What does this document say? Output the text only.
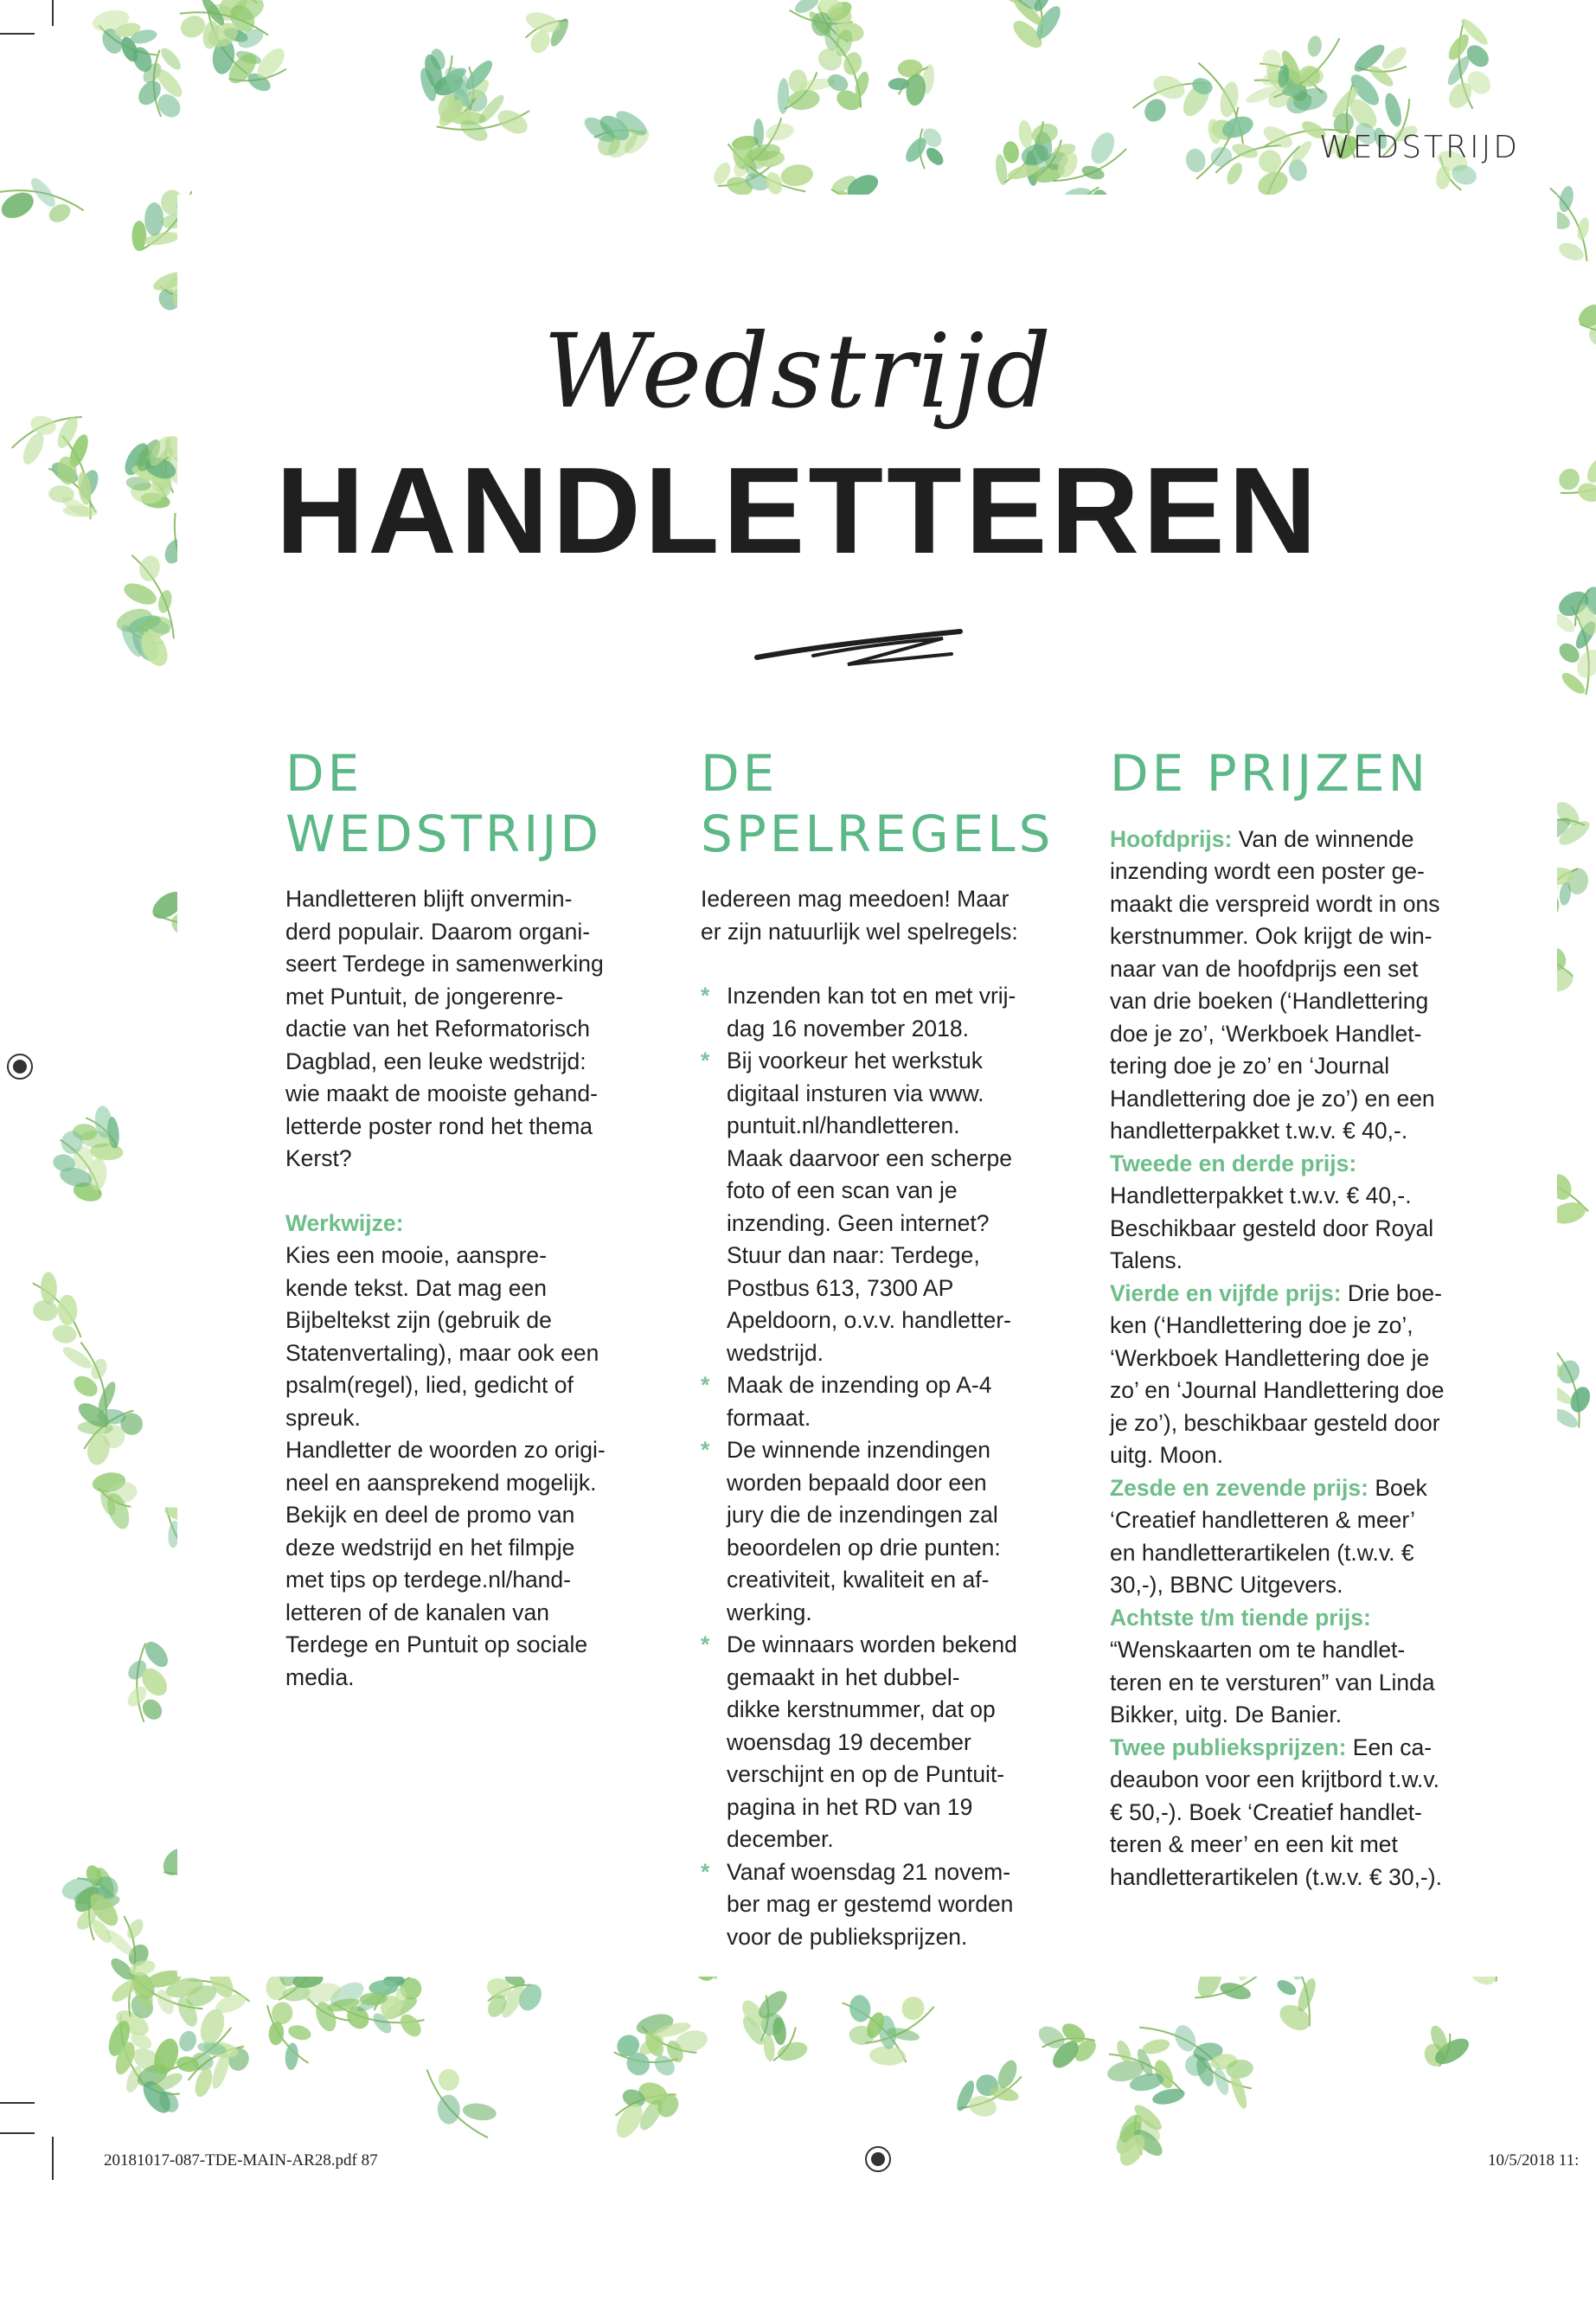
WEDSTRIJD
Wedstrijd
HANDLETTEREN
DE WEDSTRIJD

Handletteren blijft onvermin-

derd populair. Daarom organi-

seert Terdege in samenwerking

met Puntuit, de jongerenre-

dactie van het Reformatorisch

Dagblad, een leuke wedstrijd:

wie maakt de mooiste gehand-

letterde poster rond het thema

Kerst?

Werkwijze:

Kies een mooie, aanspre-

kende tekst. Dat mag een

Bijbeltekst zijn (gebruik de

Statenvertaling), maar ook een

psalm(regel), lied, gedicht of

spreuk.

Handletter de woorden zo origi-

neel en aansprekend mogelijk.

Bekijk en deel de promo van

deze wedstrijd en het filmpje

met tips op terdege.nl/hand-

letteren of de kanalen van

Terdege en Puntuit op sociale

media.

DE SPELREGELS

Iedereen mag meedoen! Maar

er zijn natuurlijk wel spelregels:

* Inzenden kan tot en met vrij-

dag 16 november 2018.

* Bij voorkeur het werkstuk

digitaal insturen via www.

puntuit.nl/handletteren.

Maak daarvoor een scherpe

foto of een scan van je

inzending. Geen internet?

Stuur dan naar: Terdege,

Postbus 613, 7300 AP

Apeldoorn, o.v.v. handletter-

wedstrijd.

* Maak de inzending op A-4

formaat.

* De winnende inzendingen

worden bepaald door een

jury die de inzendingen zal

beoordelen op drie punten:

creativiteit, kwaliteit en af-

werking.

* De winnaars worden bekend

gemaakt in het dubbel-

dikke kerstnummer, dat op

woensdag 19 december

verschijnt en op de Puntuit-

pagina in het RD van 19

december.

* Vanaf woensdag 21 novem-

ber mag er gestemd worden

voor de publieksprijzen.

DE PRIJZEN

Hoofdprijs: Van de winnende

inzending wordt een poster ge-

maakt die verspreid wordt in ons

kerstnummer. Ook krijgt de win-

naar van de hoofdprijs een set

van drie boeken (‘Handlettering

doe je zo’, ‘Werkboek Handlet-

tering doe je zo’ en ‘Journal

Handlettering doe je zo’) en een

handletterpakket t.w.v. € 40,-.

Tweede en derde prijs:

Handletterpakket t.w.v. € 40,-.

Beschikbaar gesteld door Royal

Talens.

Vierde en vijfde prijs: Drie boe-

ken (‘Handlettering doe je zo’,

‘Werkboek Handlettering doe je

zo’ en ‘Journal Handlettering doe

je zo’), beschikbaar gesteld door

uitg. Moon.

Zesde en zevende prijs: Boek

‘Creatief handletteren & meer’

en handletterartikelen (t.w.v. €

30,-), BBNC Uitgevers.

Achtste t/m tiende prijs:

“Wenskaarten om te handlet-

teren en te versturen” van Linda

Bikker, uitg. De Banier.

Twee publieksprijzen: Een ca-

deaubon voor een krijtbord t.w.v.

€ 50,-). Boek ‘Creatief handlet-

teren & meer’ en een kit met

handletterartikelen (t.w.v. € 30,-).

20181017-087-TDE-MAIN-AR28.pdf 87	10/5/2018 11:
